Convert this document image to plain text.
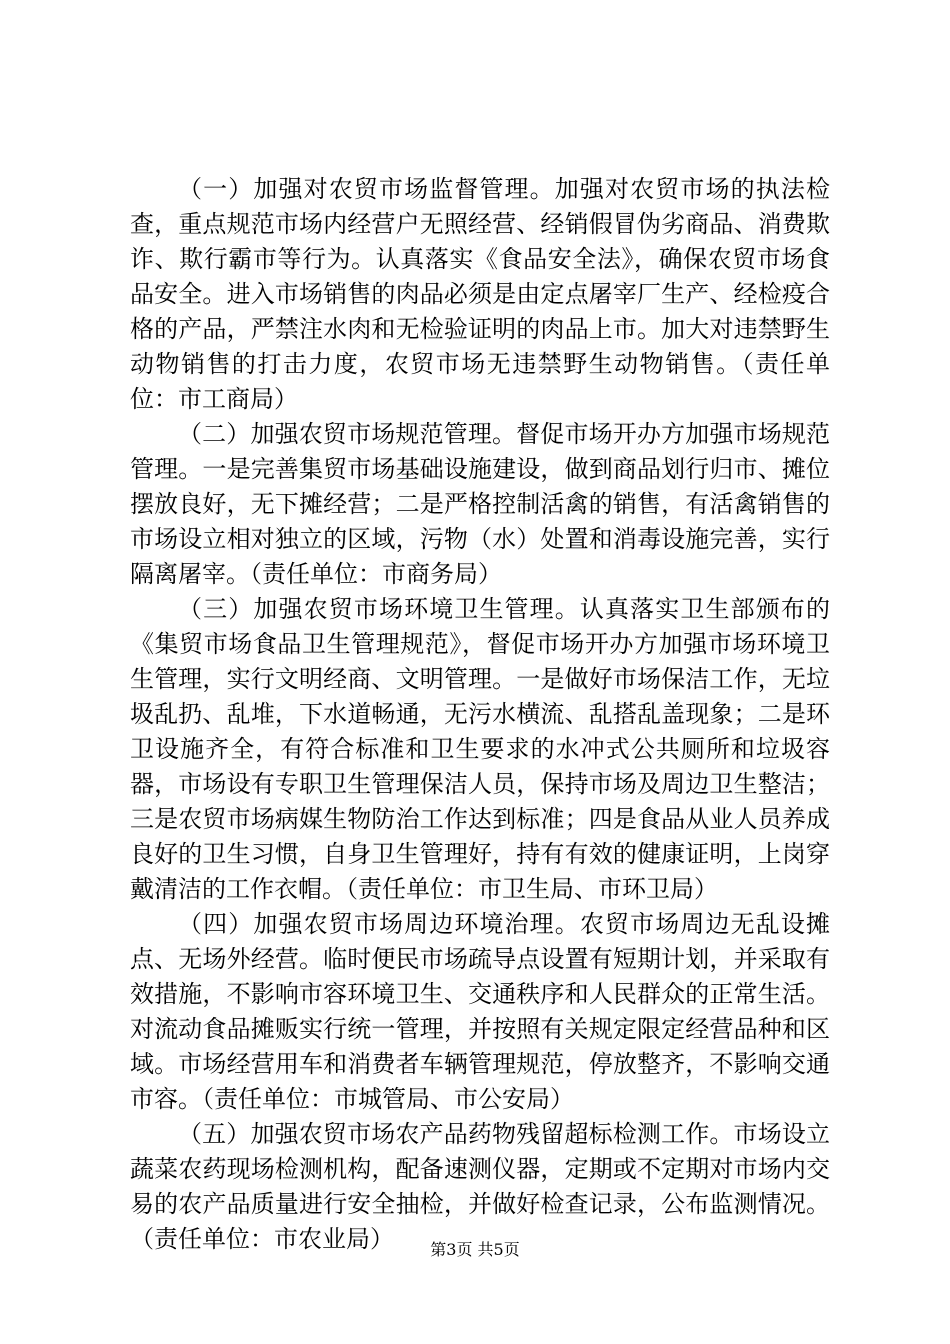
（一）加强对农贸市场监督管理。加强对农贸市场的执法检查，重点规范市场内经营户无照经营、经销假冒伪劣商品、消费欺诈、欺行霸市等行为。认真落实《食品安全法》，确保农贸市场食品安全。进入市场销售的肉品必须是由定点屠宰厂生产、经检疫合格的产品，严禁注水肉和无检验证明的肉品上市。加大对违禁野生动物销售的打击力度，农贸市场无违禁野生动物销售。（责任单位：市工商局）

（二）加强农贸市场规范管理。督促市场开办方加强市场规范管理。一是完善集贸市场基础设施建设，做到商品划行归市、摊位摆放良好，无下摊经营；二是严格控制活禽的销售，有活禽销售的市场设立相对独立的区域，污物（水）处置和消毒设施完善，实行隔离屠宰。（责任单位：市商务局）

（三）加强农贸市场环境卫生管理。认真落实卫生部颁布的《集贸市场食品卫生管理规范》，督促市场开办方加强市场环境卫生管理，实行文明经商、文明管理。一是做好市场保洁工作，无垃圾乱扔、乱堆，下水道畅通，无污水横流、乱搭乱盖现象；二是环卫设施齐全，有符合标准和卫生要求的水冲式公共厕所和垃圾容器，市场设有专职卫生管理保洁人员，保持市场及周边卫生整洁；三是农贸市场病媒生物防治工作达到标准；四是食品从业人员养成良好的卫生习惯，自身卫生管理好，持有有效的健康证明，上岗穿戴清洁的工作衣帽。（责任单位：市卫生局、市环卫局）

（四）加强农贸市场周边环境治理。农贸市场周边无乱设摊点、无场外经营。临时便民市场疏导点设置有短期计划，并采取有效措施，不影响市容环境卫生、交通秩序和人民群众的正常生活。对流动食品摊贩实行统一管理，并按照有关规定限定经营品种和区域。市场经营用车和消费者车辆管理规范，停放整齐，不影响交通市容。（责任单位：市城管局、市公安局）

（五）加强农贸市场农产品药物残留超标检测工作。市场设立蔬菜农药现场检测机构，配备速测仪器，定期或不定期对市场内交易的农产品质量进行安全抽检，并做好检查记录，公布监测情况。（责任单位：市农业局）	第3页 共5页
